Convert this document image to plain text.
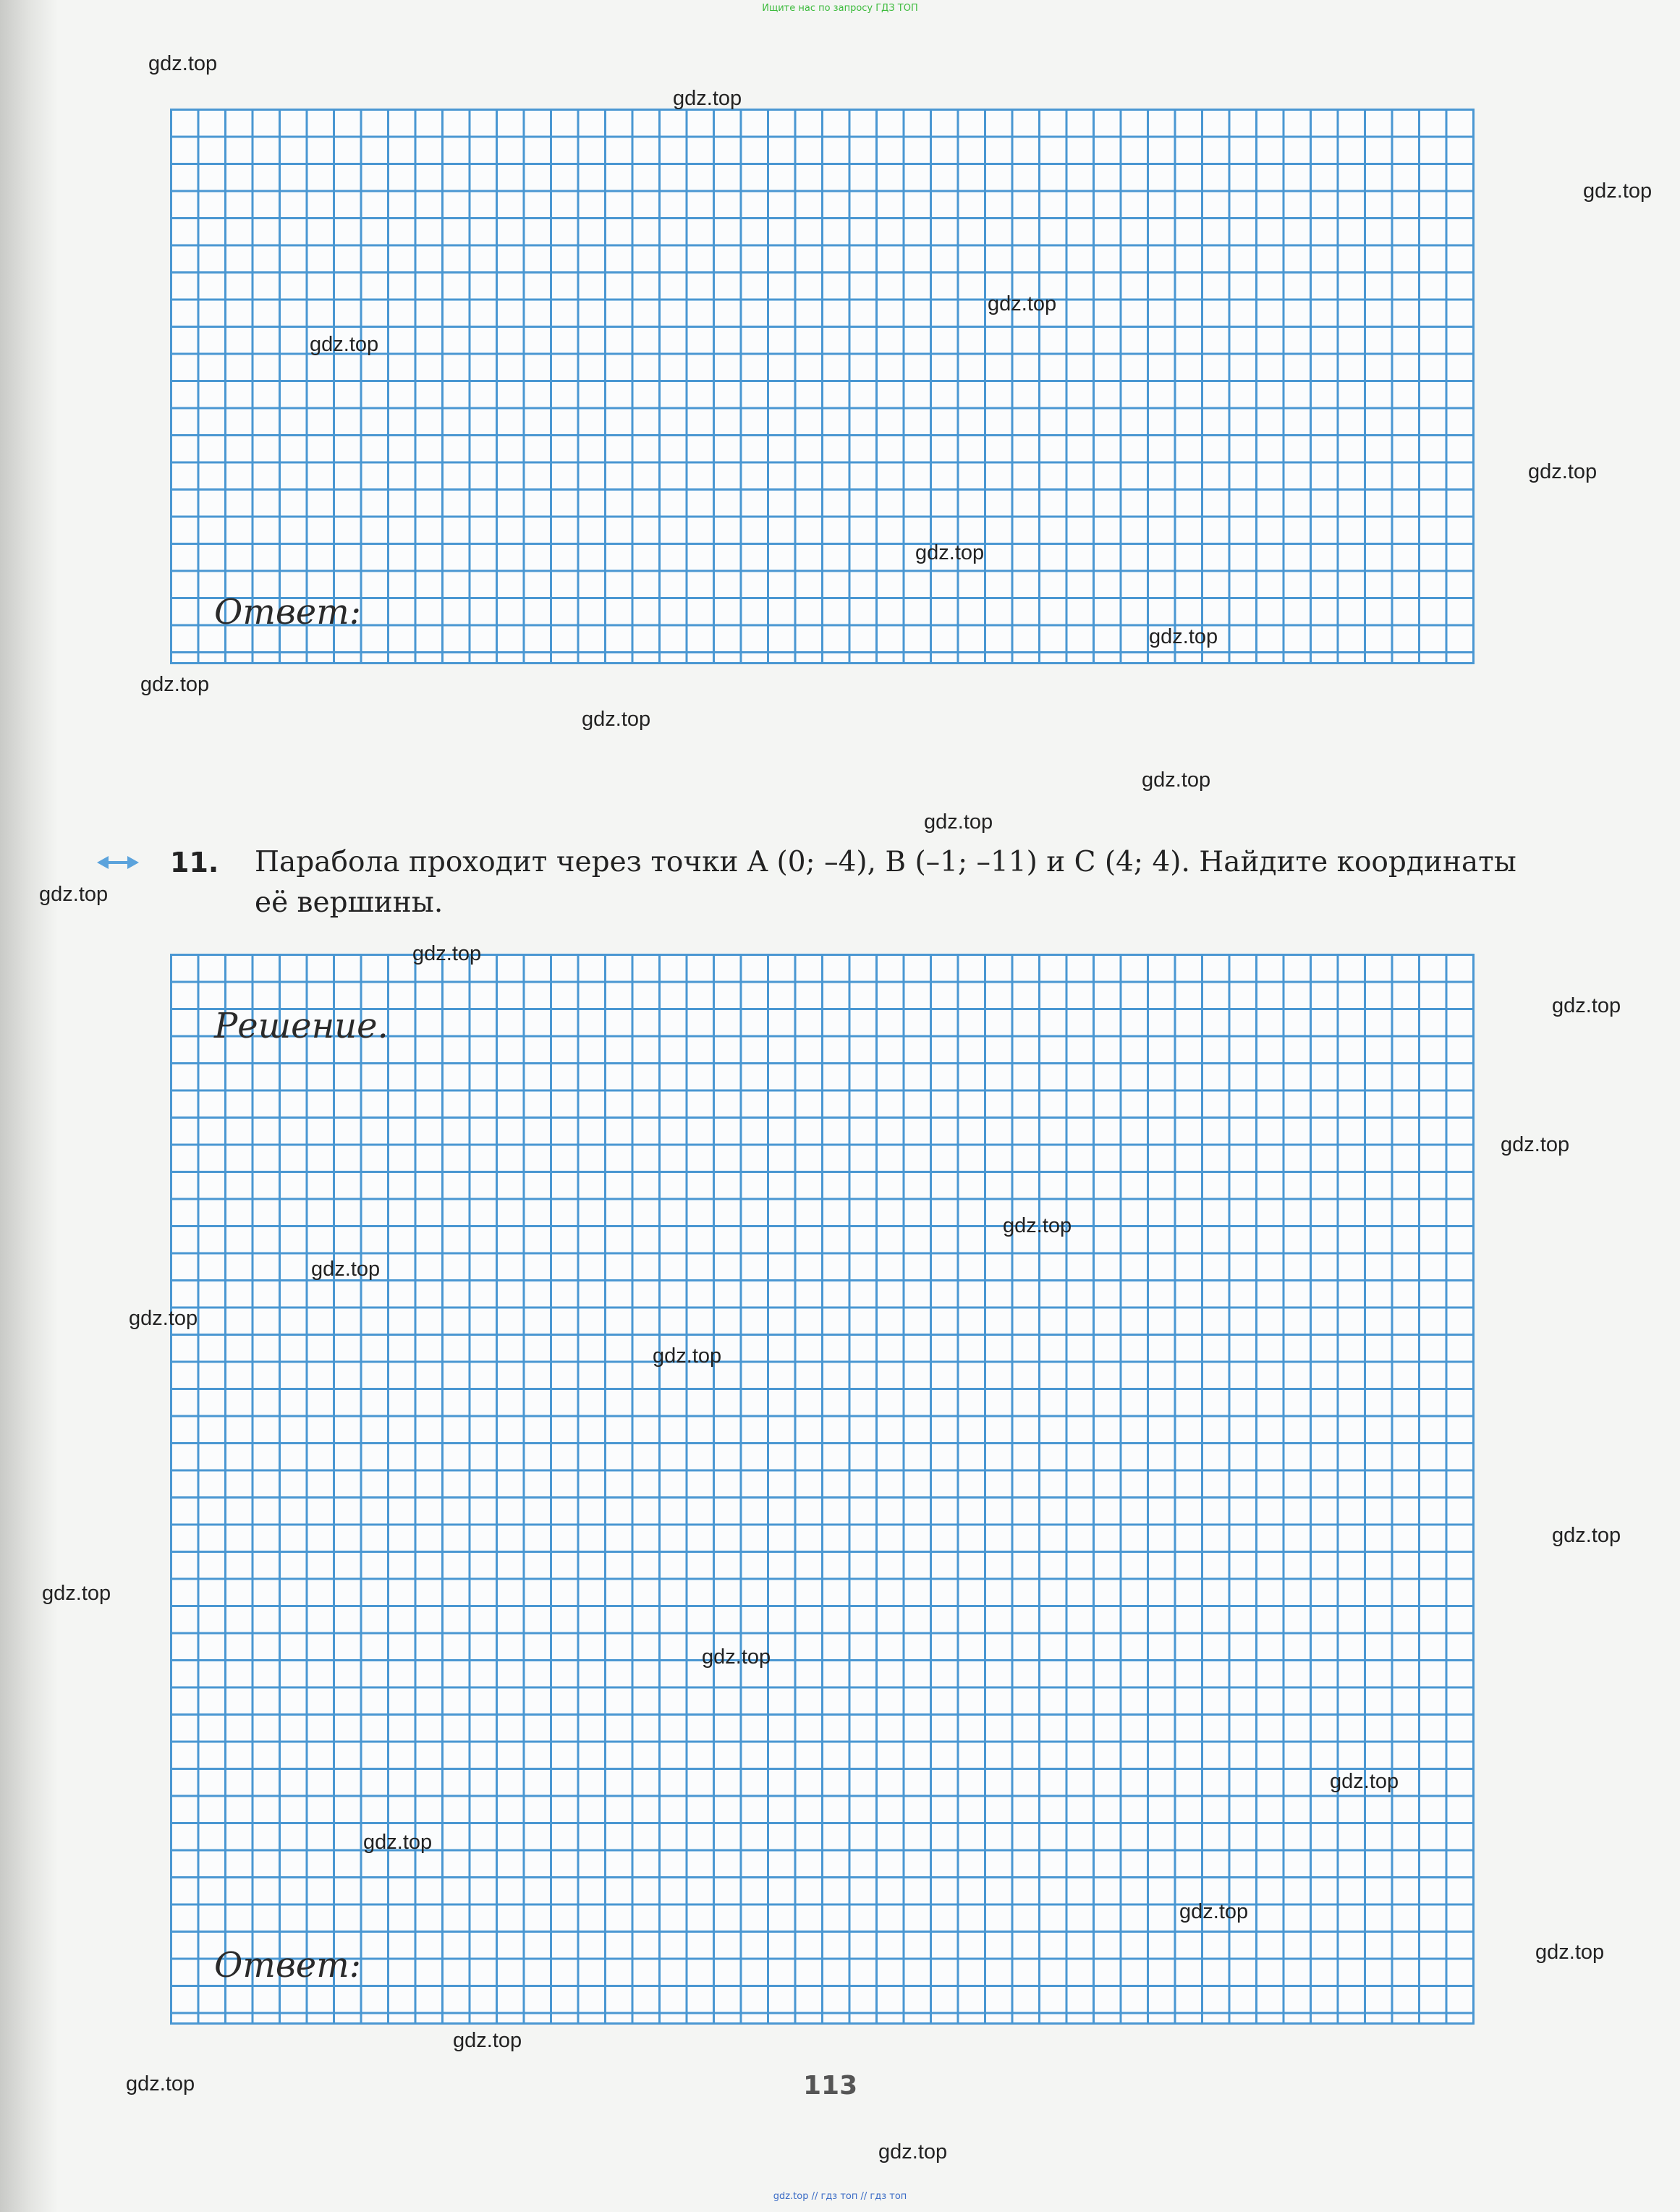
Ищите нас по запросу ГДЗ ТОП
Ответ:
11. Парабола проходит через точки A (0; –4), B (–1; –11) и C (4; 4). Найдите координаты её вершины.
Решение.
Ответ:
113
gdz.top
gdz.top
gdz.top
gdz.top
gdz.top
gdz.top
gdz.top
gdz.top
gdz.top
gdz.top
gdz.top
gdz.top
gdz.top
gdz.top
gdz.top
gdz.top
gdz.top
gdz.top
gdz.top
gdz.top
gdz.top
gdz.top
gdz.top
gdz.top
gdz.top
gdz.top
gdz.top
gdz.top
gdz.top
gdz.top
gdz.top // гдз топ // гдз топ
